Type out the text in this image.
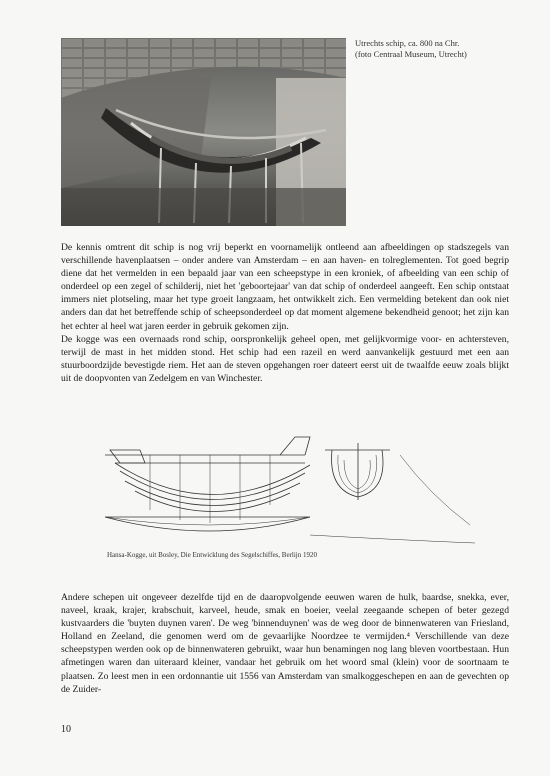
Utrechts schip, ca. 800 na Chr.
(foto Centraal Museum, Utrecht)

De kennis omtrent dit schip is nog vrij beperkt en voornamelijk ontleend aan afbeeldingen op stadszegels van verschillende havenplaatsen – onder andere van Amsterdam – en aan haven- en tolreglementen. Tot goed begrip diene dat het vermelden in een bepaald jaar van een scheepstype in een kroniek, of afbeelding van een schip of onderdeel op een zegel of schilderij, niet het 'geboortejaar' van dat schip of onderdeel aangeeft. Een schip ontstaat immers niet plotseling, maar het type groeit langzaam, het ontwikkelt zich. Een vermelding betekent dan ook niet anders dan dat het betreffende schip of scheepsonderdeel op dat moment algemene bekendheid genoot; het zijn kan het echter al heel wat jaren eerder in gebruik gekomen zijn.

De kogge was een overnaads rond schip, oorspronkelijk geheel open, met gelijkvormige voor- en achtersteven, terwijl de mast in het midden stond. Het schip had een razeil en werd aanvankelijk gestuurd met een aan stuurboordzijde bevestigde riem. Het aan de steven opgehangen roer dateert eerst uit de twaalfde eeuw zoals blijkt uit de doopvonten van Zedelgem en van Winchester.

Hansa-Kogge, uit Bosley, Die Entwicklung des Segelschiffes, Berlijn 1920

Andere schepen uit ongeveer dezelfde tijd en de daaropvolgende eeuwen waren de hulk, baardse, snekka, ever, naveel, kraak, krajer, krabschuit, karveel, heude, smak en boeier, veelal zeegaande schepen of beter gezegd kustvaarders die 'buyten duynen varen'. De weg 'binnenduynen' was de weg door de binnenwateren van Friesland, Holland en Zeeland, die genomen werd om de gevaarlijke Noordzee te vermijden.⁴ Verschillende van deze scheepstypen werden ook op de binnenwateren gebruikt, waar hun benamingen nog lang bleven voortbestaan. Hun afmetingen waren dan uiteraard kleiner, vandaar het gebruik om het woord smal (klein) voor de soortnaam te plaatsen. Zo leest men in een ordonnantie uit 1556 van Amsterdam van smalkoggeschepen en aan de gevechten op de Zuider-

10
